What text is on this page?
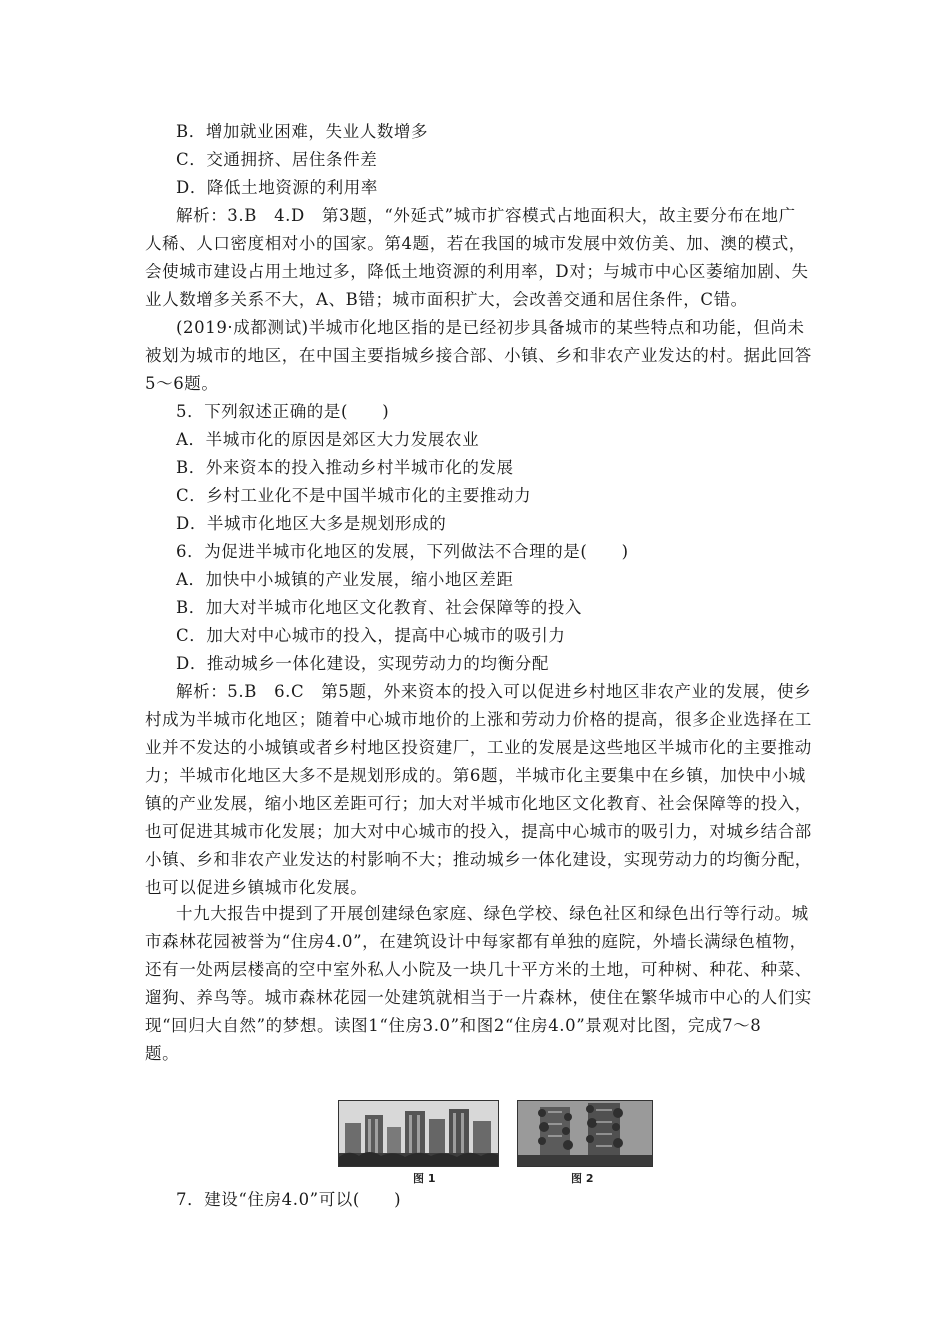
B．增加就业困难，失业人数增多
C．交通拥挤、居住条件差
D．降低土地资源的利用率
解析：3.B　4.D　第3题，“外延式”城市扩容模式占地面积大，故主要分布在地广
人稀、人口密度相对小的国家。第4题，若在我国的城市发展中效仿美、加、澳的模式，
会使城市建设占用土地过多，降低土地资源的利用率，D对；与城市中心区萎缩加剧、失
业人数增多关系不大，A、B错；城市面积扩大，会改善交通和居住条件，C错。
(2019·成都测试)半城市化地区指的是已经初步具备城市的某些特点和功能，但尚未
被划为城市的地区，在中国主要指城乡接合部、小镇、乡和非农产业发达的村。据此回答
5～6题。
5．下列叙述正确的是(　　)
A．半城市化的原因是郊区大力发展农业
B．外来资本的投入推动乡村半城市化的发展
C．乡村工业化不是中国半城市化的主要推动力
D．半城市化地区大多是规划形成的
6．为促进半城市化地区的发展，下列做法不合理的是(　　)
A．加快中小城镇的产业发展，缩小地区差距
B．加大对半城市化地区文化教育、社会保障等的投入
C．加大对中心城市的投入，提高中心城市的吸引力
D．推动城乡一体化建设，实现劳动力的均衡分配
解析：5.B　6.C　第5题，外来资本的投入可以促进乡村地区非农产业的发展，使乡
村成为半城市化地区；随着中心城市地价的上涨和劳动力价格的提高，很多企业选择在工
业并不发达的小城镇或者乡村地区投资建厂，工业的发展是这些地区半城市化的主要推动
力；半城市化地区大多不是规划形成的。第6题，半城市化主要集中在乡镇，加快中小城
镇的产业发展，缩小地区差距可行；加大对半城市化地区文化教育、社会保障等的投入，
也可促进其城市化发展；加大对中心城市的投入，提高中心城市的吸引力，对城乡结合部
小镇、乡和非农产业发达的村影响不大；推动城乡一体化建设，实现劳动力的均衡分配，
也可以促进乡镇城市化发展。
十九大报告中提到了开展创建绿色家庭、绿色学校、绿色社区和绿色出行等行动。城
市森林花园被誉为“住房4.0”，在建筑设计中每家都有单独的庭院，外墙长满绿色植物，
还有一处两层楼高的空中室外私人小院及一块几十平方米的土地，可种树、种花、种菜、
遛狗、养鸟等。城市森林花园一处建筑就相当于一片森林，使住在繁华城市中心的人们实
现“回归大自然”的梦想。读图1“住房3.0”和图2“住房4.0”景观对比图，完成7～8
题。
图 1	图 2
7．建设“住房4.0”可以(　　)
